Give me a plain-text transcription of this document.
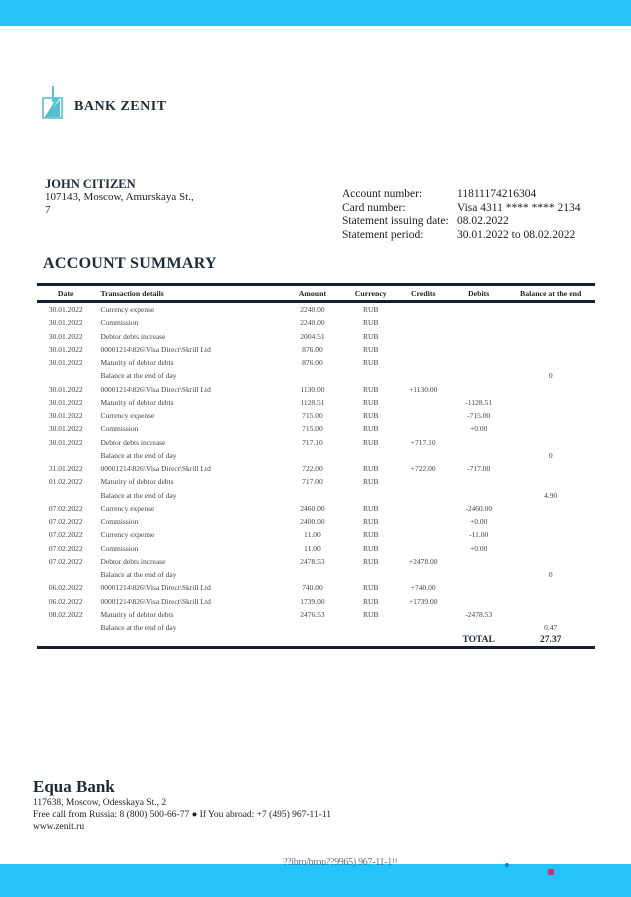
BANK ZENIT
JOHN CITIZEN
107143, Moscow, Amurskaya St., 7
Account number:	11811174216304
Card number:	Visa 4311 **** **** 2134
Statement issuing date:	08.02.2022
Statement period:	30.01.2022 to 08.02.2022
ACCOUNT SUMMARY
Date	Transaction details	Amount	Currency	Credits	Debits	Balance at the end
30.01.2022	Currency expense	2240.00	RUB			
30.01.2022	Commission	2240.00	RUB			
30.01.2022	Debtor debts increase	2004.51	RUB			
30.01.2022	00001214\826\Visa Direct\Skrill Ltd	876.00	RUB			
30.01.2022	Maturity of debtor debts	876.00	RUB			
	Balance at the end of day					0
30.01.2022	00001214\826\Visa Direct\Skrill Ltd	1130.00	RUB	+1130.00		
30.01.2022	Maturity of debtor debts	1128.51	RUB		-1128.51	
30.01.2022	Currency expense	715.00	RUB		-715.00	
30.01.2022	Commission	715.00	RUB		+0.00	
30.01.2022	Debtor debts increase	717.10	RUB	+717.10		
	Balance at the end of day					0
31.01.2022	00001214\826\Visa Direct\Skrill Ltd	722.00	RUB	+722.00	-717.00	
01.02.2022	Maturity of debtor debts	717.00	RUB			
	Balance at the end of day					4.90
07.02.2022	Currency expense	2460.00	RUB		-2460.00	
07.02.2022	Commission	2400.00	RUB		+0.00	
07.02.2022	Currency expense	11.00	RUB		-11.00	
07.02.2022	Commission	11.00	RUB		+0.00	
07.02.2022	Debtor debts increase	2478.53	RUB	+2478.00		
	Balance at the end of day					0
06.02.2022	00001214\826\Visa Direct\Skrill Ltd	740.00	RUB	+740.00		
06.02.2022	00001214\826\Visa Direct\Skrill Ltd	1739.00	RUB	+1739.00		
08.02.2022	Maturity of debtor debts	2476.53	RUB		-2478.53	
	Balance at the end of day					0.47
					TOTAL	27.37
Equa Bank
117638, Moscow, Odesskaya St., 2
Free call from Russia: 8 (800) 500-66-77 ● If You abroad: +7 (495) 967-11-11
www.zenit.ru
??ibro/brou??9965) 967-11-1¹¹
